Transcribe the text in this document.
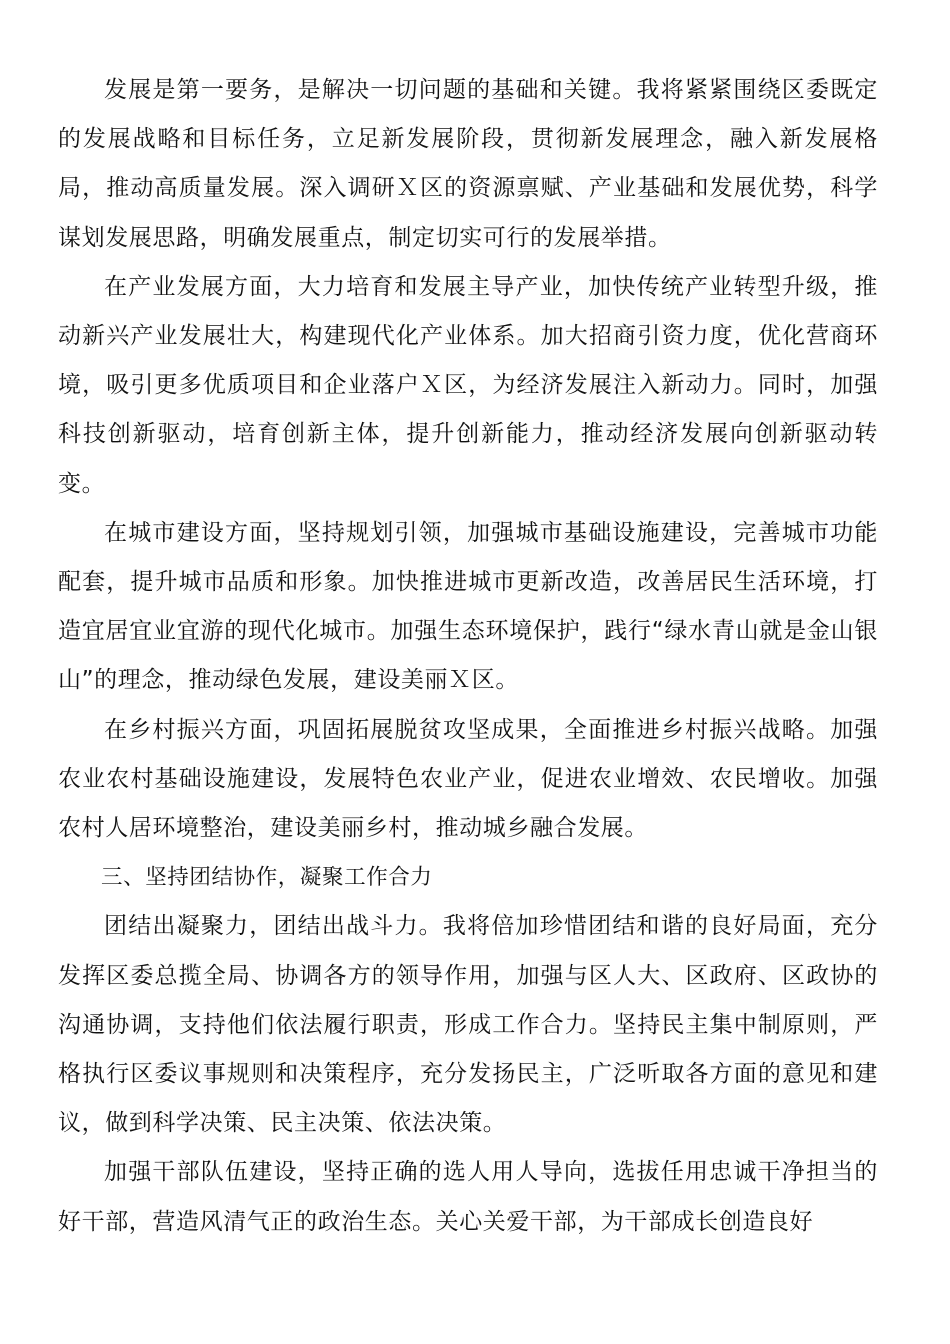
发展是第一要务，是解决一切问题的基础和关键。我将紧紧围绕区委既定的发展战略和目标任务，立足新发展阶段，贯彻新发展理念，融入新发展格局，推动高质量发展。深入调研Ｘ区的资源禀赋、产业基础和发展优势，科学谋划发展思路，明确发展重点，制定切实可行的发展举措。

在产业发展方面，大力培育和发展主导产业，加快传统产业转型升级，推动新兴产业发展壮大，构建现代化产业体系。加大招商引资力度，优化营商环境，吸引更多优质项目和企业落户Ｘ区，为经济发展注入新动力。同时，加强科技创新驱动，培育创新主体，提升创新能力，推动经济发展向创新驱动转变。

在城市建设方面，坚持规划引领，加强城市基础设施建设，完善城市功能配套，提升城市品质和形象。加快推进城市更新改造，改善居民生活环境，打造宜居宜业宜游的现代化城市。加强生态环境保护，践行“绿水青山就是金山银山”的理念，推动绿色发展，建设美丽Ｘ区。

在乡村振兴方面，巩固拓展脱贫攻坚成果，全面推进乡村振兴战略。加强农业农村基础设施建设，发展特色农业产业，促进农业增效、农民增收。加强农村人居环境整治，建设美丽乡村，推动城乡融合发展。

三、坚持团结协作，凝聚工作合力

团结出凝聚力，团结出战斗力。我将倍加珍惜团结和谐的良好局面，充分发挥区委总揽全局、协调各方的领导作用，加强与区人大、区政府、区政协的沟通协调，支持他们依法履行职责，形成工作合力。坚持民主集中制原则，严格执行区委议事规则和决策程序，充分发扬民主，广泛听取各方面的意见和建议，做到科学决策、民主决策、依法决策。

加强干部队伍建设，坚持正确的选人用人导向，选拔任用忠诚干净担当的好干部，营造风清气正的政治生态。关心关爱干部，为干部成长创造良好
